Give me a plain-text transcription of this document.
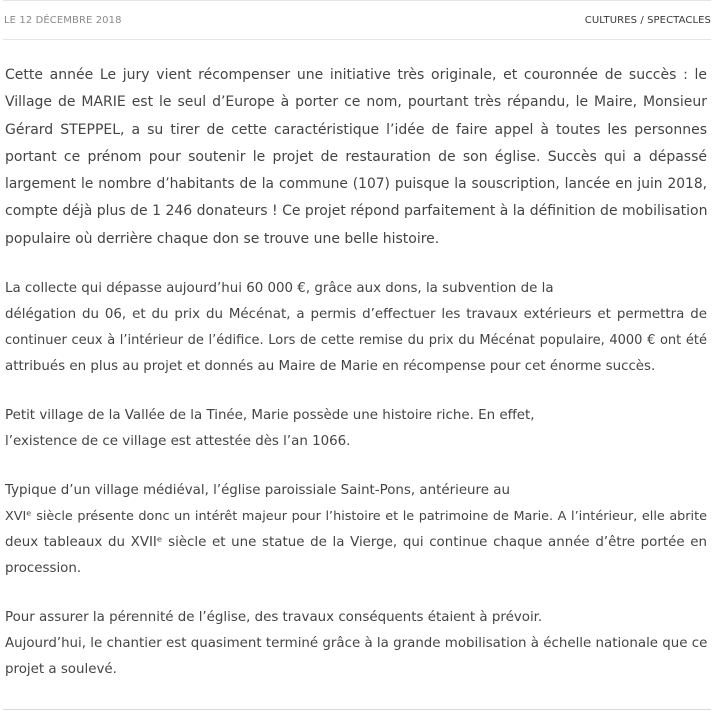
LE 12 DÉCEMBRE 2018	CULTURES / SPECTACLES

Cette année Le jury vient récompenser une initiative très originale, et couronnée de succès : le
Village de MARIE est le seul d’Europe à porter ce nom, pourtant très répandu, le Maire, Monsieur
Gérard STEPPEL, a su tirer de cette caractéristique l’idée de faire appel à toutes les personnes
portant ce prénom pour soutenir le projet de restauration de son église. Succès qui a dépassé
largement le nombre d’habitants de la commune (107) puisque la souscription, lancée en juin 2018,
compte déjà plus de 1 246 donateurs ! Ce projet répond parfaitement à la définition de mobilisation
populaire où derrière chaque don se trouve une belle histoire.

La collecte qui dépasse aujourd’hui 60 000 €, grâce aux dons, la subvention de la
délégation du 06, et du prix du Mécénat, a permis d’effectuer les travaux extérieurs et permettra de
continuer ceux à l’intérieur de l’édifice. Lors de cette remise du prix du Mécénat populaire, 4000 € ont été
attribués en plus au projet et donnés au Maire de Marie en récompense pour cet énorme succès.

Petit village de la Vallée de la Tinée, Marie possède une histoire riche. En effet,
l’existence de ce village est attestée dès l’an 1066.

Typique d’un village médiéval, l’église paroissiale Saint-Pons, antérieure au
XVIᵉ siècle présente donc un intérêt majeur pour l’histoire et le patrimoine de Marie. A l’intérieur, elle abrite
deux tableaux du XVIIᵉ siècle et une statue de la Vierge, qui continue chaque année d’être portée en
procession.

Pour assurer la pérennité de l’église, des travaux conséquents étaient à prévoir.
Aujourd’hui, le chantier est quasiment terminé grâce à la grande mobilisation à échelle nationale que ce
projet a soulevé.
